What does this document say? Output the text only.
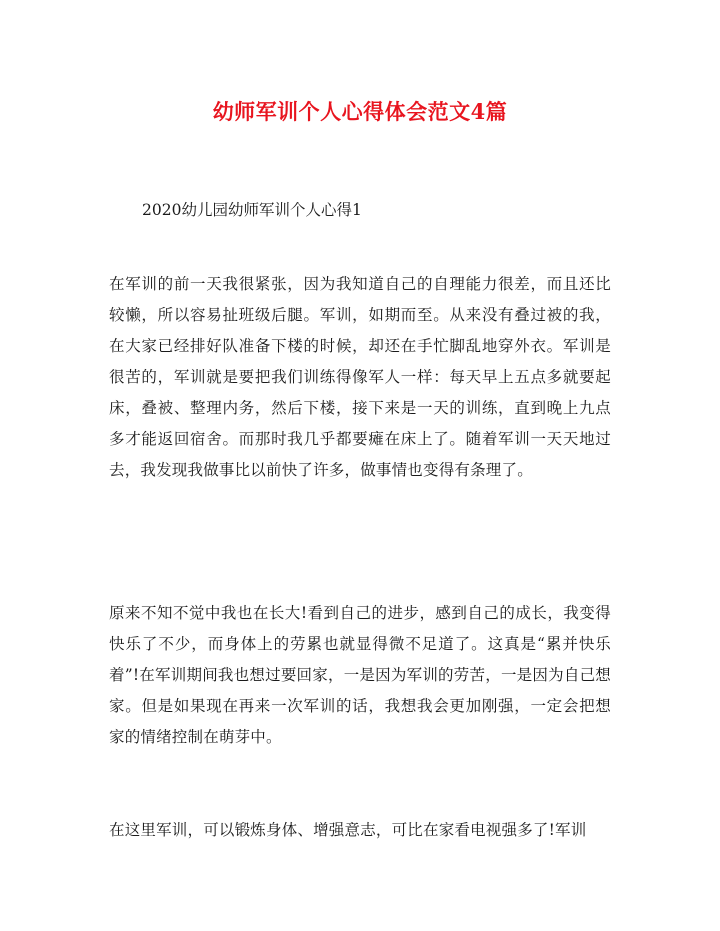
幼师军训个人心得体会范文4篇

2020幼儿园幼师军训个人心得1

在军训的前一天我很紧张，因为我知道自己的自理能力很差，而且还比较懒，所以容易扯班级后腿。军训，如期而至。从来没有叠过被的我，在大家已经排好队准备下楼的时候，却还在手忙脚乱地穿外衣。军训是很苦的，军训就是要把我们训练得像军人一样：每天早上五点多就要起床，叠被、整理内务，然后下楼，接下来是一天的训练，直到晚上九点多才能返回宿舍。而那时我几乎都要瘫在床上了。随着军训一天天地过去，我发现我做事比以前快了许多，做事情也变得有条理了。

原来不知不觉中我也在长大!看到自己的进步，感到自己的成长，我变得快乐了不少，而身体上的劳累也就显得微不足道了。这真是“累并快乐着”!在军训期间我也想过要回家，一是因为军训的劳苦，一是因为自己想家。但是如果现在再来一次军训的话，我想我会更加刚强，一定会把想家的情绪控制在萌芽中。

在这里军训，可以锻炼身体、增强意志，可比在家看电视强多了!军训
